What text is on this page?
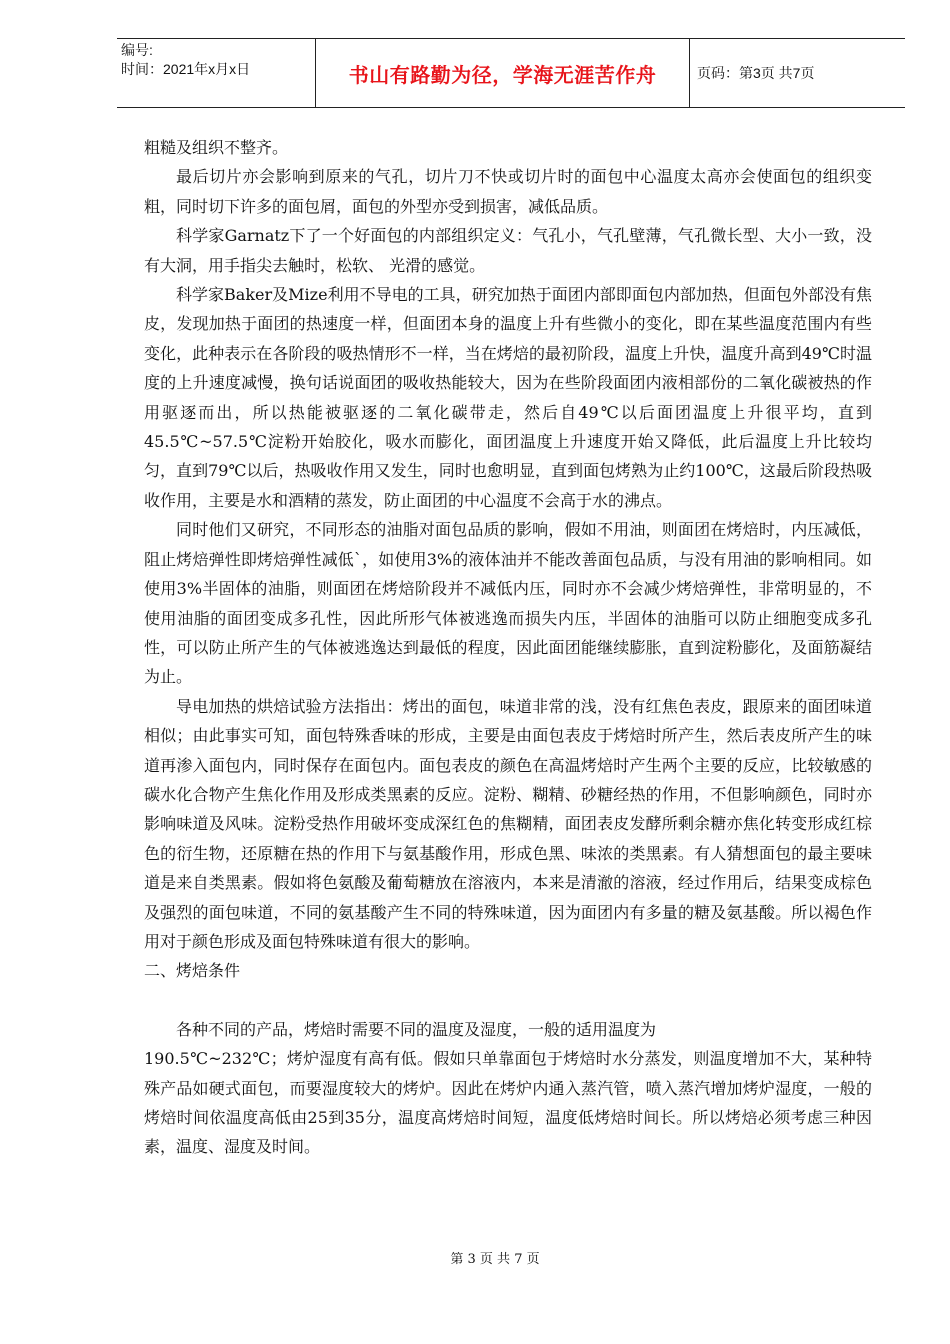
编号:
时间：2021年x月x日	书山有路勤为径，学海无涯苦作舟	页码：第3页 共7页

粗糙及组织不整齐。

最后切片亦会影响到原来的气孔，切片刀不快或切片时的面包中心温度太高亦会使面包的组织变粗，同时切下许多的面包屑，面包的外型亦受到损害，减低品质。

科学家Garnatz下了一个好面包的内部组织定义：气孔小，气孔壁薄，气孔微长型、大小一致，没有大洞，用手指尖去触时，松软、 光滑的感觉。

科学家Baker及Mize利用不导电的工具，研究加热于面团内部即面包内部加热，但面包外部没有焦皮，发现加热于面团的热速度一样，但面团本身的温度上升有些微小的变化，即在某些温度范围内有些变化，此种表示在各阶段的吸热情形不一样，当在烤焙的最初阶段，温度上升快，温度升高到49℃时温度的上升速度减慢，换句话说面团的吸收热能较大，因为在些阶段面团内液相部份的二氧化碳被热的作用驱逐而出，所以热能被驱逐的二氧化碳带走，然后自49℃以后面团温度上升很平均，直到45.5℃~57.5℃淀粉开始胶化，吸水而膨化，面团温度上升速度开始又降低，此后温度上升比较均匀，直到79℃以后，热吸收作用又发生，同时也愈明显，直到面包烤熟为止约100℃，这最后阶段热吸收作用，主要是水和酒精的蒸发，防止面团的中心温度不会高于水的沸点。

同时他们又研究，不同形态的油脂对面包品质的影响，假如不用油，则面团在烤焙时，内压减低，阻止烤焙弹性即烤焙弹性减低`，如使用3%的液体油并不能改善面包品质，与没有用油的影响相同。如使用3%半固体的油脂，则面团在烤焙阶段并不减低内压，同时亦不会减少烤焙弹性，非常明显的，不使用油脂的面团变成多孔性，因此所形气体被逃逸而损失内压，半固体的油脂可以防止细胞变成多孔性，可以防止所产生的气体被逃逸达到最低的程度，因此面团能继续膨胀，直到淀粉膨化，及面筋凝结为止。

导电加热的烘焙试验方法指出：烤出的面包，味道非常的浅，没有红焦色表皮，跟原来的面团味道相似；由此事实可知，面包特殊香味的形成，主要是由面包表皮于烤焙时所产生，然后表皮所产生的味道再渗入面包内，同时保存在面包内。面包表皮的颜色在高温烤焙时产生两个主要的反应，比较敏感的碳水化合物产生焦化作用及形成类黑素的反应。淀粉、糊精、砂糖经热的作用，不但影响颜色，同时亦影响味道及风味。淀粉受热作用破坏变成深红色的焦糊精，面团表皮发酵所剩余糖亦焦化转变形成红棕色的衍生物，还原糖在热的作用下与氨基酸作用，形成色黑、味浓的类黑素。有人猜想面包的最主要味道是来自类黑素。假如将色氨酸及葡萄糖放在溶液内，本来是清澈的溶液，经过作用后，结果变成棕色及强烈的面包味道，不同的氨基酸产生不同的特殊味道，因为面团内有多量的糖及氨基酸。所以褐色作用对于颜色形成及面包特殊味道有很大的影响。

二、烤焙条件

各种不同的产品，烤焙时需要不同的温度及湿度，一般的适用温度为

190.5℃~232℃；烤炉湿度有高有低。假如只单靠面包于烤焙时水分蒸发，则温度增加不大，某种特殊产品如硬式面包，而要湿度较大的烤炉。因此在烤炉内通入蒸汽管，喷入蒸汽增加烤炉湿度，一般的烤焙时间依温度高低由25到35分，温度高烤焙时间短，温度低烤焙时间长。所以烤焙必须考虑三种因素，温度、湿度及时间。

第 3 页 共 7 页
